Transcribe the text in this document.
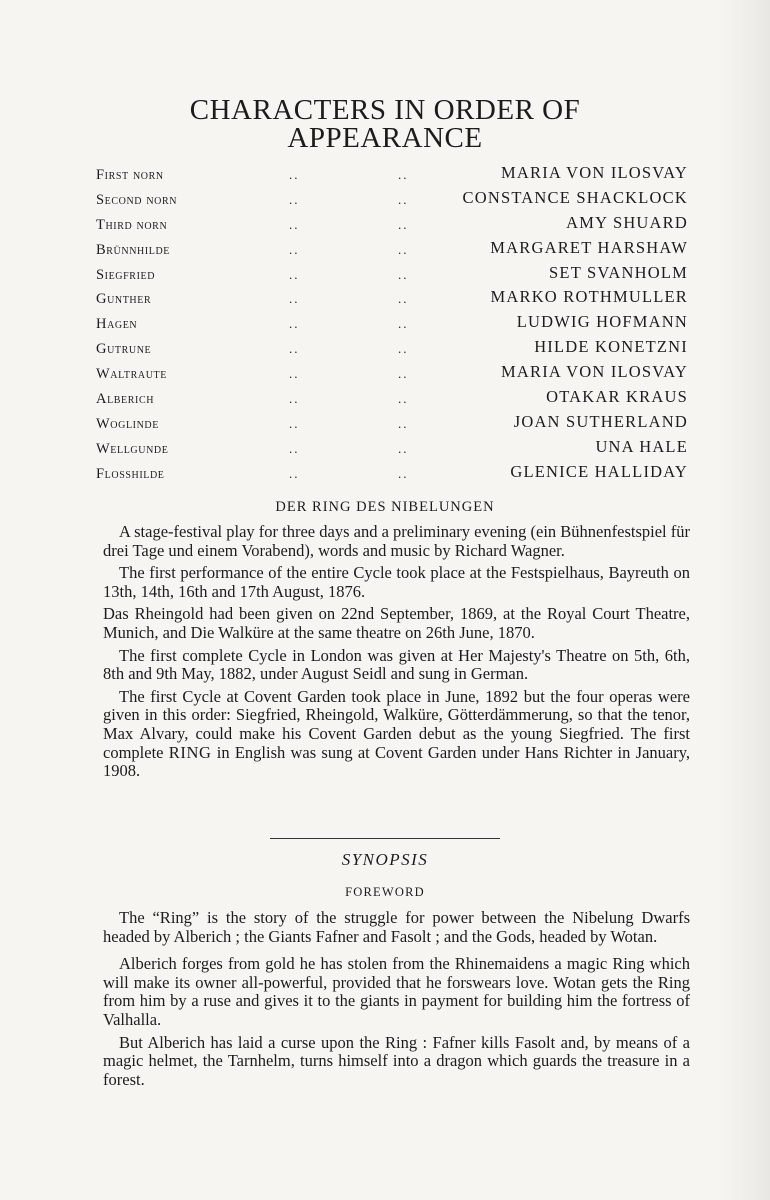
CHARACTERS IN ORDER OF
APPEARANCE
First norn	..	..	MARIA VON ILOSVAY
Second norn	..	..	CONSTANCE SHACKLOCK
Third norn	..	..	AMY SHUARD
Brünnhilde	..	..	MARGARET HARSHAW
Siegfried	..	..	SET SVANHOLM
Gunther	..	..	MARKO ROTHMULLER
Hagen	..	..	LUDWIG HOFMANN
Gutrune	..	..	HILDE KONETZNI
Waltraute	..	..	MARIA VON ILOSVAY
Alberich	..	..	OTAKAR KRAUS
Woglinde	..	..	JOAN SUTHERLAND
Wellgunde	..	..	UNA HALE
Flosshilde	..	..	GLENICE HALLIDAY
DER RING DES NIBELUNGEN

A stage-festival play for three days and a preliminary evening (ein Bühnenfestspiel für drei Tage und einem Vorabend), words and music by Richard Wagner.

The first performance of the entire Cycle took place at the Festspielhaus, Bayreuth on 13th, 14th, 16th and 17th August, 1876.

Das Rheingold had been given on 22nd September, 1869, at the Royal Court Theatre, Munich, and Die Walküre at the same theatre on 26th June, 1870.

The first complete Cycle in London was given at Her Majesty's Theatre on 5th, 6th, 8th and 9th May, 1882, under August Seidl and sung in German.

The first Cycle at Covent Garden took place in June, 1892 but the four operas were given in this order: Siegfried, Rheingold, Walküre, Götterdämmerung, so that the tenor, Max Alvary, could make his Covent Garden debut as the young Siegfried. The first complete RING in English was sung at Covent Garden under Hans Richter in January, 1908.

SYNOPSIS
FOREWORD

The “Ring” is the story of the struggle for power between the Nibelung Dwarfs headed by Alberich ; the Giants Fafner and Fasolt ; and the Gods, headed by Wotan.

Alberich forges from gold he has stolen from the Rhinemaidens a magic Ring which will make its owner all-powerful, provided that he forswears love. Wotan gets the Ring from him by a ruse and gives it to the giants in payment for building him the fortress of Valhalla.

But Alberich has laid a curse upon the Ring : Fafner kills Fasolt and, by means of a magic helmet, the Tarnhelm, turns himself into a dragon which guards the treasure in a forest.
